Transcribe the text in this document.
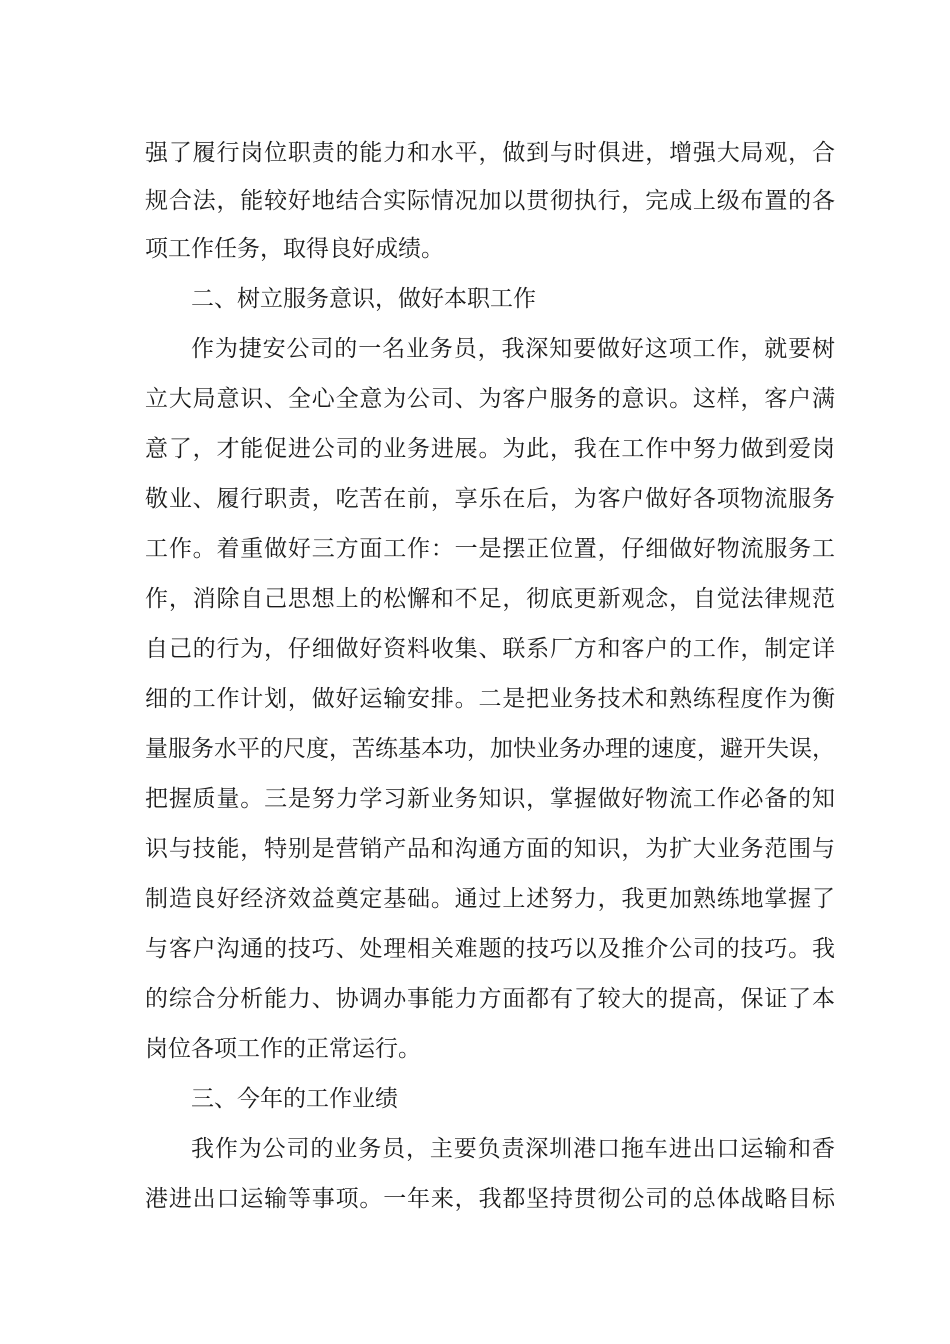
强了履行岗位职责的能力和水平，做到与时俱进，增强大局观，合
规合法，能较好地结合实际情况加以贯彻执行，完成上级布置的各
项工作任务，取得良好成绩。
二、树立服务意识，做好本职工作
作为捷安公司的一名业务员，我深知要做好这项工作，就要树
立大局意识、全心全意为公司、为客户服务的意识。这样，客户满
意了，才能促进公司的业务进展。为此，我在工作中努力做到爱岗
敬业、履行职责，吃苦在前，享乐在后，为客户做好各项物流服务
工作。着重做好三方面工作：一是摆正位置，仔细做好物流服务工
作，消除自己思想上的松懈和不足，彻底更新观念，自觉法律规范
自己的行为，仔细做好资料收集、联系厂方和客户的工作，制定详
细的工作计划，做好运输安排。二是把业务技术和熟练程度作为衡
量服务水平的尺度，苦练基本功，加快业务办理的速度，避开失误，
把握质量。三是努力学习新业务知识，掌握做好物流工作必备的知
识与技能，特别是营销产品和沟通方面的知识，为扩大业务范围与
制造良好经济效益奠定基础。通过上述努力，我更加熟练地掌握了
与客户沟通的技巧、处理相关难题的技巧以及推介公司的技巧。我
的综合分析能力、协调办事能力方面都有了较大的提高，保证了本
岗位各项工作的正常运行。
三、今年的工作业绩
我作为公司的业务员，主要负责深圳港口拖车进出口运输和香
港进出口运输等事项。一年来，我都坚持贯彻公司的总体战略目标
